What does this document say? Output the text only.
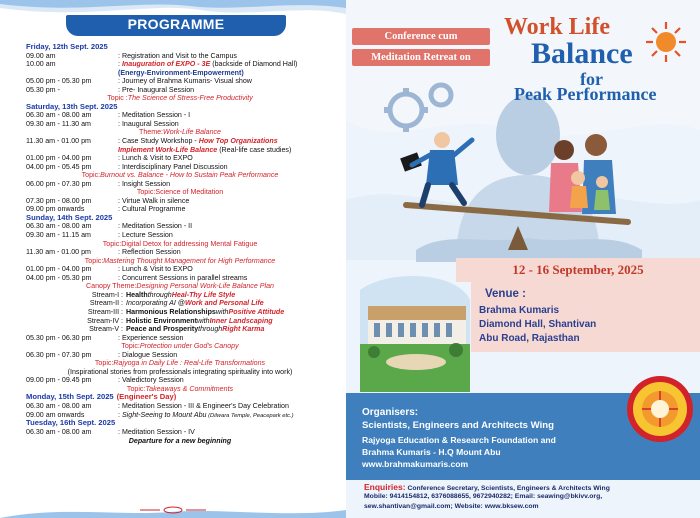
PROGRAMME
Friday, 12th Sept. 2025
09.00 am	: Registration and Visit to the Campus
10.00 am	: Inauguration of EXPO - 3E (backside of Diamond Hall)
(Energy-Environment-Empowerment)
05.00 pm - 05.30 pm	: Journey of Brahma Kumaris- Visual show
05.30 pm -	: Pre- Inaugural Session
Topic : The Science of Stress-Free Productivity
Saturday, 13th Sept. 2025
06.30 am - 08.00 am	: Meditation Session - I
09.30 am - 11.30 am	: Inaugural Session
Theme: Work-Life Balance
11.30 am - 01.00 pm	: Case Study Workshop - How Top Organizations
Implement Work-Life Balance (Real-life case studies)
01.00 pm - 04.00 pm	: Lunch & Visit to EXPO
04.00 pm - 05.45 pm	: Interdisciplinary Panel Discussion
Topic: Burnout vs. Balance - How to Sustain Peak Performance
06.00 pm - 07.30 pm	: Insight Session
Topic: Science of Meditation
07.30 pm - 08.00 pm	: Virtue Walk in silence
09.00 pm onwards	: Cultural Programme
Sunday, 14th Sept. 2025
06.30 am - 08.00 am	: Meditation Session - II
09.30 am - 11.15 am	: Lecture Session
Topic: Digital Detox for addressing Mental Fatigue
11.30 am - 01.00 pm	: Reflection Session
Topic: Mastering Thought Management for High Performance
01.00 pm - 04.00 pm	: Lunch & Visit to EXPO
04.00 pm - 05.30 pm	: Concurrent Sessions in parallel streams
Canopy Theme: Designing Personal Work-Life Balance Plan
Stream-I : Health through Heal-Thy Life Style
Stream-II : Incorporating AI @ Work and Personal Life
Stream-III : Harmonious Relationships with Positive Attitude
Stream-IV : Holistic Environment with Inner Landscaping
Stream-V : Peace and Prosperity through Right Karma
05.30 pm - 06.30 pm	: Experience session
Topic: Protection under God's Canopy
06.30 pm - 07.30 pm	: Dialogue Session
Topic: Rajyoga in Daily Life : Real-Life Transformations
(Inspirational stories from professionals integrating spirituality into work)
09.00 pm - 09.45 pm	: Valedictory Session
Topic: Takeaways & Commitments
Monday, 15th Sept. 2025 (Engineer's Day)
06.30 am - 08.00 am	: Meditation Session - III & Engineer's Day Celebration
09.00 am onwards	: Sight-Seeing to Mount Abu (Dilwara Temple, Peacepark etc.)
Tuesday, 16th Sept. 2025
06.30 am - 08.00 am	: Meditation Session - IV
Departure for a new beginning
Conference cum
Meditation Retreat on
Work Life
Balance
for
Peak Performance
12 - 16 September, 2025
Venue :
Brahma Kumaris
Diamond Hall, Shantivan
Abu Road, Rajasthan
Organisers:
Scientists, Engineers and Architects Wing
Rajyoga Education & Research Foundation and
Brahma Kumaris - H.Q Mount Abu
www.brahmakumaris.com
Enquiries: Conference Secretary, Scientists, Engineers & Architects Wing
Mobile: 9414154812, 6376088655, 9672940282; Email: seawing@bkivv.org,
sew.shantivan@gmail.com; Website: www.bksew.com
